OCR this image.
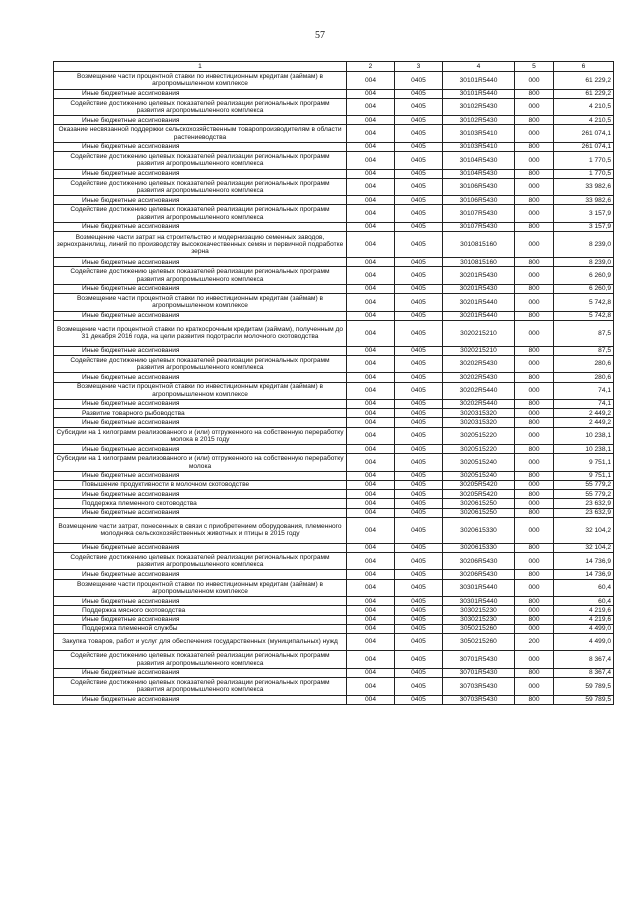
57
1	2	3	4	5	6
Возмещение части процентной ставки по инвестиционным кредитам (займам) в агропромышленном комплексе	004	0405	30101R5440	000	61 229,2
Иные бюджетные ассигнования	004	0405	30101R5440	800	61 229,2
Содействие достижению целевых показателей реализации региональных программ развития агропромышленного комплекса	004	0405	30102R5430	000	4 210,5
Иные бюджетные ассигнования	004	0405	30102R5430	800	4 210,5
Оказание несвязанной поддержки сельскохозяйственным товаропроизводителям в области растениеводства	004	0405	30103R5410	000	261 074,1
Иные бюджетные ассигнования	004	0405	30103R5410	800	261 074,1
Содействие достижению целевых показателей реализации региональных программ развития агропромышленного комплекса	004	0405	30104R5430	000	1 770,5
Иные бюджетные ассигнования	004	0405	30104R5430	800	1 770,5
Содействие достижению целевых показателей реализации региональных программ развития агропромышленного комплекса	004	0405	30106R5430	000	33 982,6
Иные бюджетные ассигнования	004	0405	30106R5430	800	33 982,6
Содействие достижению целевых показателей реализации региональных программ развития агропромышленного комплекса	004	0405	30107R5430	000	3 157,9
Иные бюджетные ассигнования	004	0405	30107R5430	800	3 157,9
Возмещение части затрат на строительство и модернизацию семенных заводов, зернохранилищ, линий по производству высококачественных семян и первичной подработке зерна	004	0405	3010815160	000	8 239,0
Иные бюджетные ассигнования	004	0405	3010815160	800	8 239,0
Содействие достижению целевых показателей реализации региональных программ развития агропромышленного комплекса	004	0405	30201R5430	000	6 260,9
Иные бюджетные ассигнования	004	0405	30201R5430	800	6 260,9
Возмещение части процентной ставки по инвестиционным кредитам (займам) в агропромышленном комплексе	004	0405	30201R5440	000	5 742,8
Иные бюджетные ассигнования	004	0405	30201R5440	800	5 742,8
Возмещение части процентной ставки по краткосрочным кредитам (займам), полученным до 31 декабря 2016 года, на цели развития подотрасли молочного скотоводства	004	0405	3020215210	000	87,5
Иные бюджетные ассигнования	004	0405	3020215210	800	87,5
Содействие достижению целевых показателей реализации региональных программ развития агропромышленного комплекса	004	0405	30202R5430	000	280,6
Иные бюджетные ассигнования	004	0405	30202R5430	800	280,6
Возмещение части процентной ставки по инвестиционным кредитам (займам) в агропромышленном комплексе	004	0405	30202R5440	000	74,1
Иные бюджетные ассигнования	004	0405	30202R5440	800	74,1
Развитие товарного рыбоводства	004	0405	3020315320	000	2 449,2
Иные бюджетные ассигнования	004	0405	3020315320	800	2 449,2
Субсидии на 1 килограмм реализованного и (или) отгруженного на собственную переработку молока в 2015 году	004	0405	3020515220	000	10 238,1
Иные бюджетные ассигнования	004	0405	3020515220	800	10 238,1
Субсидии на 1 килограмм реализованного и (или) отгруженного на собственную переработку молока	004	0405	3020515240	000	9 751,1
Иные бюджетные ассигнования	004	0405	3020515240	800	9 751,1
Повышение продуктивности в молочном скотоводстве	004	0405	30205R5420	000	55 779,2
Иные бюджетные ассигнования	004	0405	30205R5420	800	55 779,2
Поддержка племенного скотоводства	004	0405	3020615250	000	23 632,9
Иные бюджетные ассигнования	004	0405	3020615250	800	23 632,9
Возмещение части затрат, понесенных в связи с приобретением оборудования, племенного молодняка сельскохозяйственных животных и птицы в 2015 году	004	0405	3020615330	000	32 104,2
Иные бюджетные ассигнования	004	0405	3020615330	800	32 104,2
Содействие достижению целевых показателей реализации региональных программ развития агропромышленного комплекса	004	0405	30206R5430	000	14 736,9
Иные бюджетные ассигнования	004	0405	30206R5430	800	14 736,9
Возмещение части процентной ставки по инвестиционным кредитам (займам) в агропромышленном комплексе	004	0405	30301R5440	000	60,4
Иные бюджетные ассигнования	004	0405	30301R5440	800	60,4
Поддержка мясного скотоводства	004	0405	3030215230	000	4 219,6
Иные бюджетные ассигнования	004	0405	3030215230	800	4 219,6
Поддержка племенной службы	004	0405	3050215260	000	4 499,0
Закупка товаров, работ и услуг для обеспечения государственных (муниципальных) нужд	004	0405	3050215260	200	4 499,0
Содействие достижению целевых показателей реализации региональных программ развития агропромышленного комплекса	004	0405	30701R5430	000	8 367,4
Иные бюджетные ассигнования	004	0405	30701R5430	800	8 367,4
Содействие достижению целевых показателей реализации региональных программ развития агропромышленного комплекса	004	0405	30703R5430	000	59 789,5
Иные бюджетные ассигнования	004	0405	30703R5430	800	59 789,5
